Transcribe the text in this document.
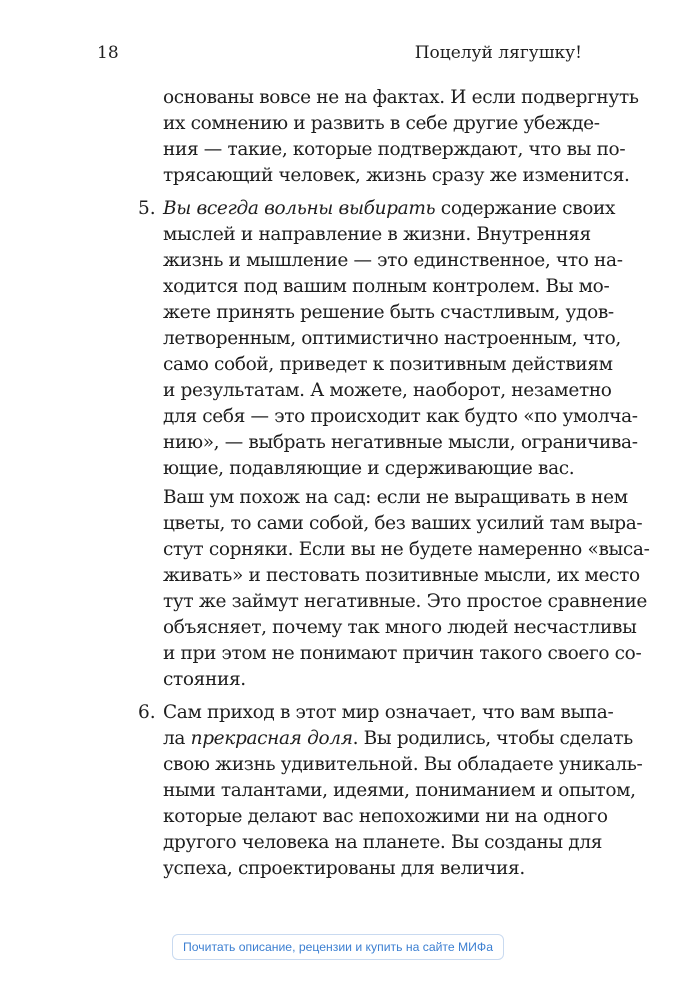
18	Поцелуй лягушку!

основаны вовсе не на фактах. И если подвергнуть

их сомнению и развить в себе другие убежде-

ния — такие, которые подтверждают, что вы по-

трясающий человек, жизнь сразу же изменится.

5. Вы всегда вольны выбирать содержание своих

мыслей и направление в жизни. Внутренняя

жизнь и мышление — это единственное, что на-

ходится под вашим полным контролем. Вы мо-

жете принять решение быть счастливым, удов-

летворенным, оптимистично настроенным, что,

само собой, приведет к позитивным действиям

и результатам. А можете, наоборот, незаметно

для себя — это происходит как будто «по умолча-

нию», — выбрать негативные мысли, ограничива-

ющие, подавляющие и сдерживающие вас.

Ваш ум похож на сад: если не выращивать в нем

цветы, то сами собой, без ваших усилий там выра-

стут сорняки. Если вы не будете намеренно «выса-

живать» и пестовать позитивные мысли, их место

тут же займут негативные. Это простое сравнение

объясняет, почему так много людей несчастливы

и при этом не понимают причин такого своего со-

стояния.

6. Сам приход в этот мир означает, что вам выпа-

ла прекрасная доля. Вы родились, чтобы сделать

свою жизнь удивительной. Вы обладаете уникаль-

ными талантами, идеями, пониманием и опытом,

которые делают вас непохожими ни на одного

другого человека на планете. Вы созданы для

успеха, спроектированы для величия.

Почитать описание, рецензии и купить на сайте МИФа
